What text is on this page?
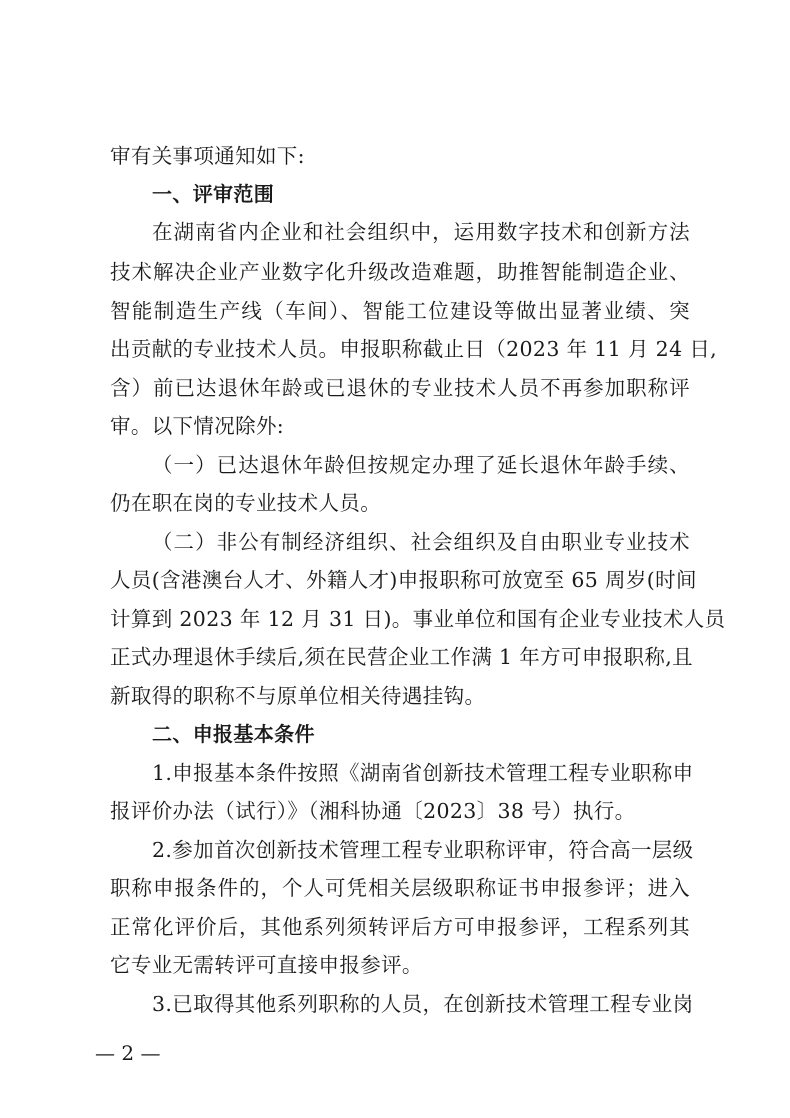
审有关事项通知如下:
一、评审范围
在湖南省内企业和社会组织中，运用数字技术和创新方法
技术解决企业产业数字化升级改造难题，助推智能制造企业、
智能制造生产线（车间）、智能工位建设等做出显著业绩、突
出贡献的专业技术人员。申报职称截止日（2023 年 11 月 24 日,
含）前已达退休年龄或已退休的专业技术人员不再参加职称评
审。以下情况除外:
（一）已达退休年龄但按规定办理了延长退休年龄手续、
仍在职在岗的专业技术人员。
（二）非公有制经济组织、社会组织及自由职业专业技术
人员(含港澳台人才、外籍人才)申报职称可放宽至 65 周岁(时间
计算到 2023 年 12 月 31 日)。事业单位和国有企业专业技术人员
正式办理退休手续后,须在民营企业工作满 1 年方可申报职称,且
新取得的职称不与原单位相关待遇挂钩。
二、申报基本条件
1.申报基本条件按照《湖南省创新技术管理工程专业职称申
报评价办法（试行）》（湘科协通〔2023〕38 号）执行。
2.参加首次创新技术管理工程专业职称评审，符合高一层级
职称申报条件的，个人可凭相关层级职称证书申报参评；进入
正常化评价后，其他系列须转评后方可申报参评，工程系列其
它专业无需转评可直接申报参评。
3.已取得其他系列职称的人员，在创新技术管理工程专业岗
— 2 —
